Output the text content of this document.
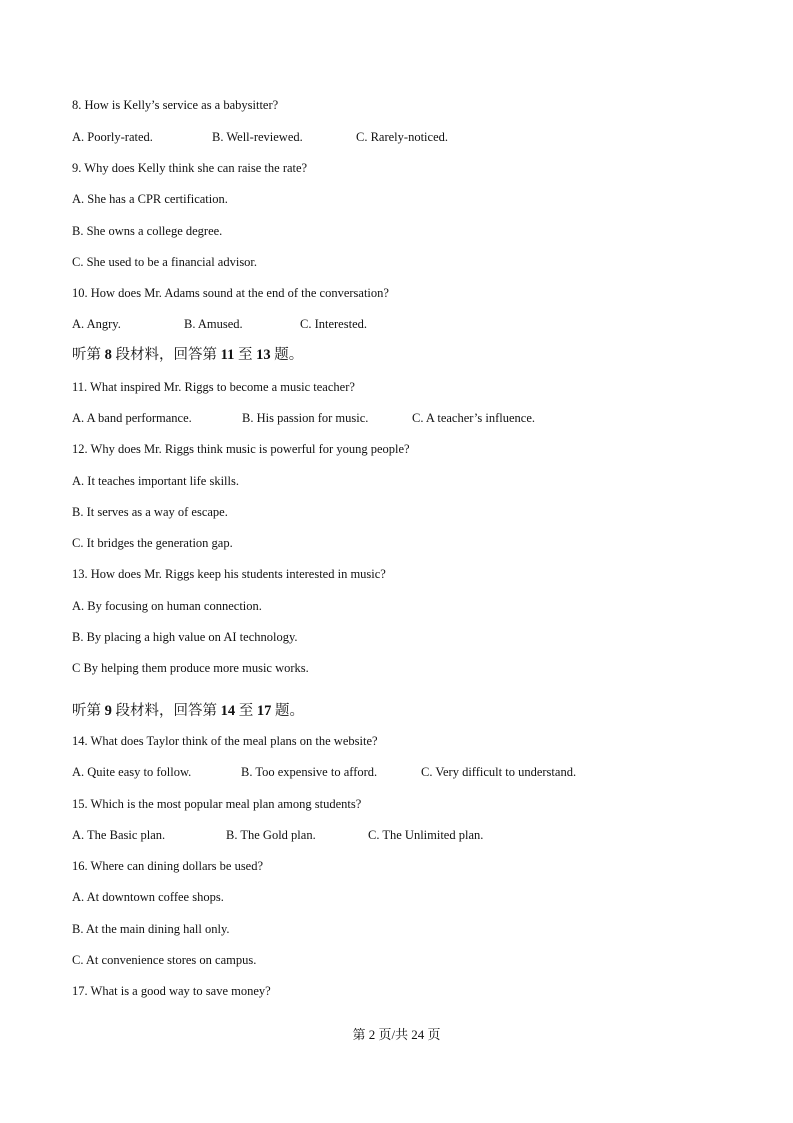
8. How is Kelly’s service as a babysitter?
A. Poorly-rated.	B. Well-reviewed.	C. Rarely-noticed.
9. Why does Kelly think she can raise the rate?
A. She has a CPR certification.
B. She owns a college degree.
C. She used to be a financial advisor.
10. How does Mr. Adams sound at the end of the conversation?
A. Angry.	B. Amused.	C. Interested.
听第 8 段材料，回答第 11 至 13 题。
11. What inspired Mr. Riggs to become a music teacher?
A. A band performance.	B. His passion for music.	C. A teacher’s influence.
12. Why does Mr. Riggs think music is powerful for young people?
A. It teaches important life skills.
B. It serves as a way of escape.
C. It bridges the generation gap.
13. How does Mr. Riggs keep his students interested in music?
A. By focusing on human connection.
B. By placing a high value on AI technology.
C By helping them produce more music works.
听第 9 段材料，回答第 14 至 17 题。
14. What does Taylor think of the meal plans on the website?
A. Quite easy to follow.	B. Too expensive to afford.	C. Very difficult to understand.
15. Which is the most popular meal plan among students?
A. The Basic plan.	B. The Gold plan.	C. The Unlimited plan.
16. Where can dining dollars be used?
A. At downtown coffee shops.
B. At the main dining hall only.
C. At convenience stores on campus.
17. What is a good way to save money?
第 2 页/共 24 页
